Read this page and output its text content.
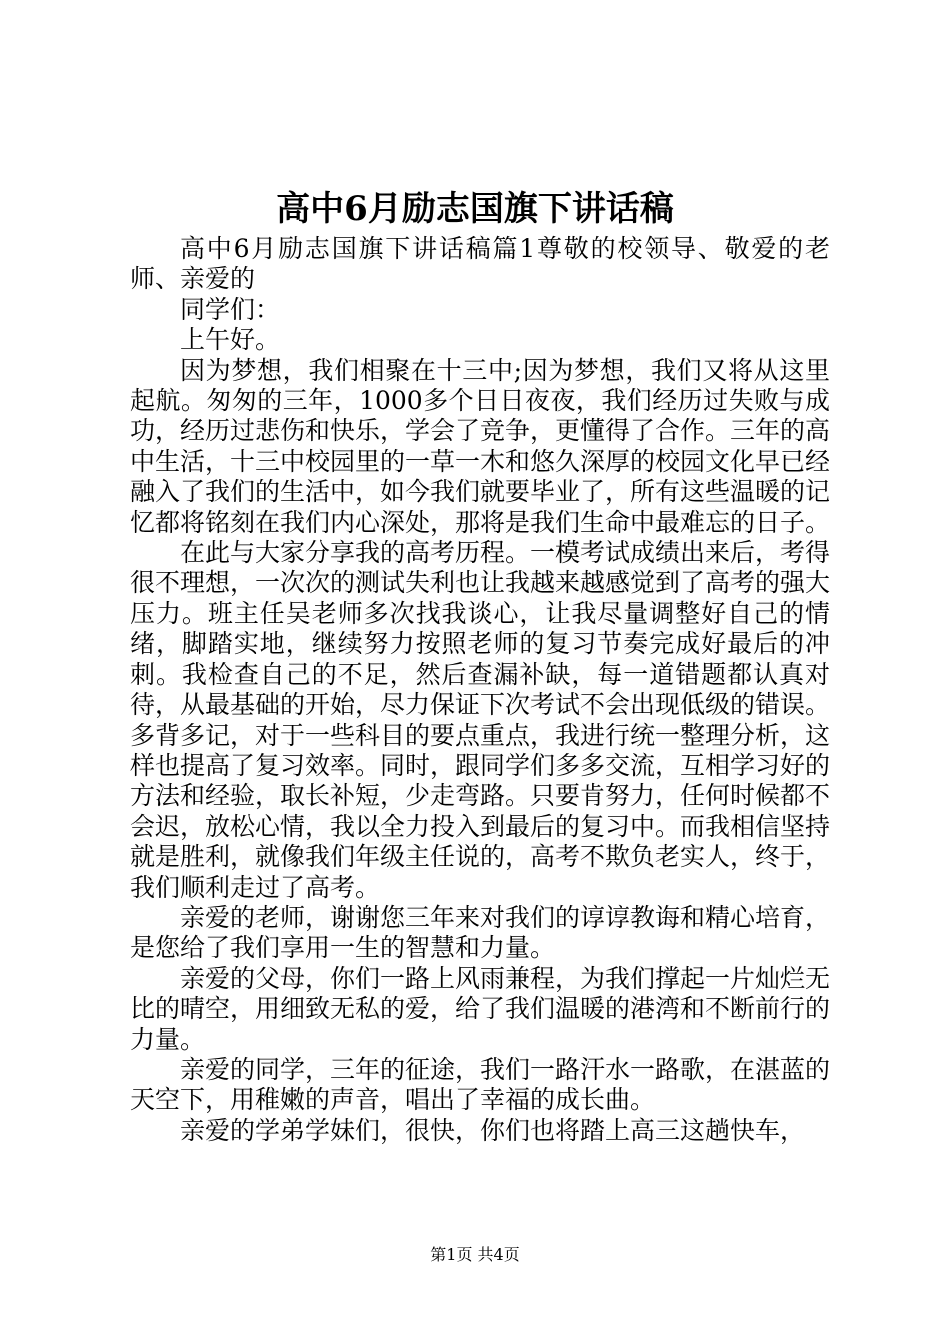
高中6月励志国旗下讲话稿

高中6月励志国旗下讲话稿篇1尊敬的校领导、敬爱的老师、亲爱的

同学们：

上午好。

因为梦想，我们相聚在十三中;因为梦想，我们又将从这里起航。匆匆的三年，1000多个日日夜夜，我们经历过失败与成功，经历过悲伤和快乐，学会了竞争，更懂得了合作。三年的高中生活，十三中校园里的一草一木和悠久深厚的校园文化早已经融入了我们的生活中，如今我们就要毕业了，所有这些温暖的记忆都将铭刻在我们内心深处，那将是我们生命中最难忘的日子。

在此与大家分享我的高考历程。一模考试成绩出来后，考得很不理想，一次次的测试失利也让我越来越感觉到了高考的强大压力。班主任吴老师多次找我谈心，让我尽量调整好自己的情绪，脚踏实地，继续努力按照老师的复习节奏完成好最后的冲刺。我检查自己的不足，然后查漏补缺，每一道错题都认真对待，从最基础的开始，尽力保证下次考试不会出现低级的错误。多背多记，对于一些科目的要点重点，我进行统一整理分析，这样也提高了复习效率。同时，跟同学们多多交流，互相学习好的方法和经验，取长补短，少走弯路。只要肯努力，任何时候都不会迟，放松心情，我以全力投入到最后的复习中。而我相信坚持就是胜利，就像我们年级主任说的，高考不欺负老实人，终于，我们顺利走过了高考。

亲爱的老师，谢谢您三年来对我们的谆谆教诲和精心培育，是您给了我们享用一生的智慧和力量。

亲爱的父母，你们一路上风雨兼程，为我们撑起一片灿烂无比的晴空，用细致无私的爱，给了我们温暖的港湾和不断前行的力量。

亲爱的同学，三年的征途，我们一路汗水一路歌，在湛蓝的天空下，用稚嫩的声音，唱出了幸福的成长曲。

亲爱的学弟学妹们，很快，你们也将踏上高三这趟快车，

第1页 共4页
